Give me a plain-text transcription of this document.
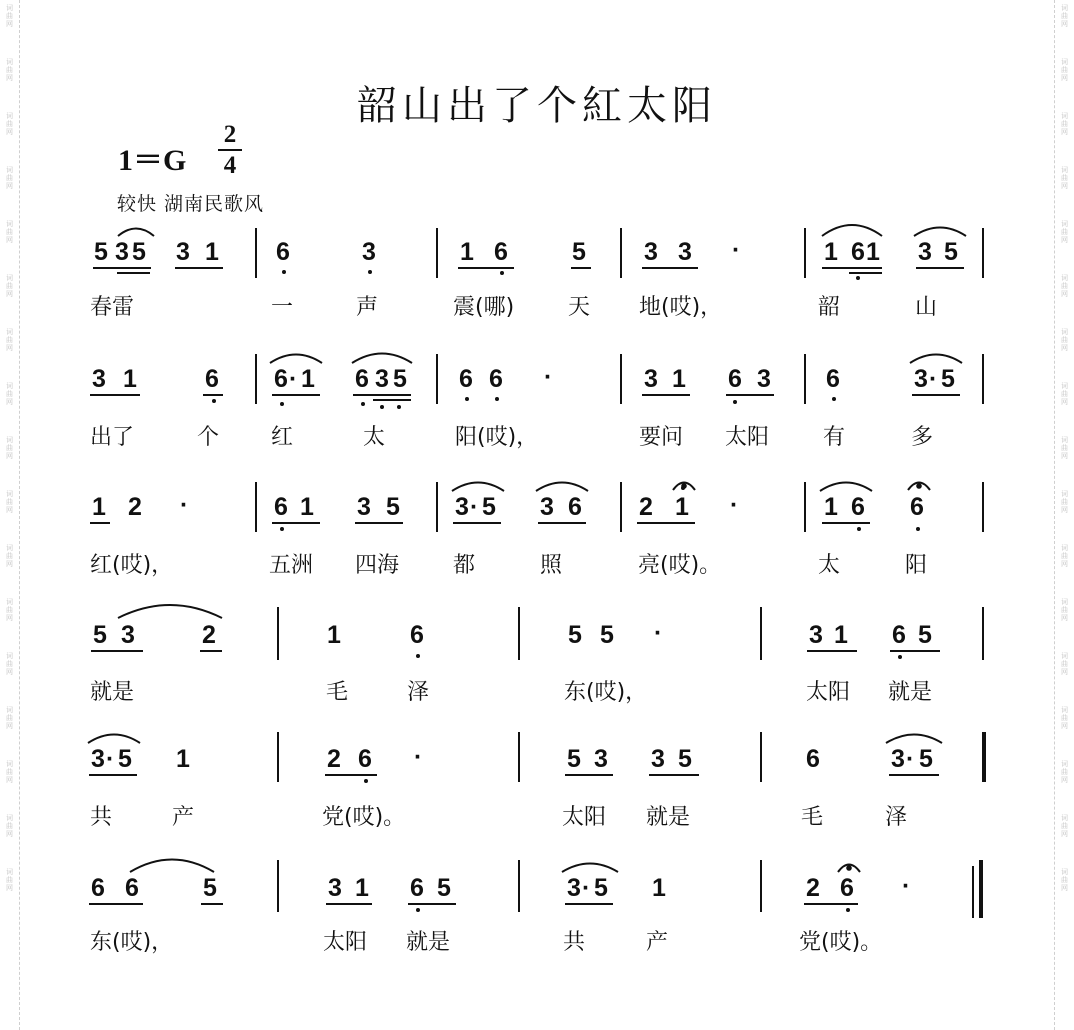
词
曲
网
词
曲
网
词
曲
网
词
曲
网
词
曲
网
词
曲
网
词
曲
网
词
曲
网
词
曲
网
词
曲
网
词
曲
网
词
曲
网
词
曲
网
词
曲
网
词
曲
网
词
曲
网
词
曲
网
词
曲
网
词
曲
网
词
曲
网
词
曲
网
词
曲
网
词
曲
网
词
曲
网
词
曲
网
词
曲
网
词
曲
网
词
曲
网
词
曲
网
词
曲
网
词
曲
网
词
曲
网
词
曲
网
词
曲
网
韶山出了个紅太阳
1＝G
2
4
较快 湖南民歌风
5 3 5 3 1 6	3	1 6	5 3 3 ·	1 6 1 3 5
春雷	一	声	震(哪) 天 地(哎)，	韶	山
3 1	6 6 · 1 6 3 5 6 6 ·	3 1 6 3 6	3 · 5
出了	个 红	太	阳(哎)，	要问 太阳 有	多
1 2 ·	6 1 3 5 3 · 5 3 6 2 1 ·	1 6 6
红(哎)，	五洲 四海 都	照	亮(哎)。	太	阳
5 3	2	1	6	5 5 ·	3 1 6 5
就是	毛	泽	东(哎)，	太阳 就是
3 · 5 1	2 6 ·	5 3 3 5	6	3 · 5
共	产	党(哎)。	太阳 就是	毛	泽
6 6	5	3 1 6 5	3 · 5 1	2 6 ·
东(哎)，	太阳 就是	共	产	党(哎)。
